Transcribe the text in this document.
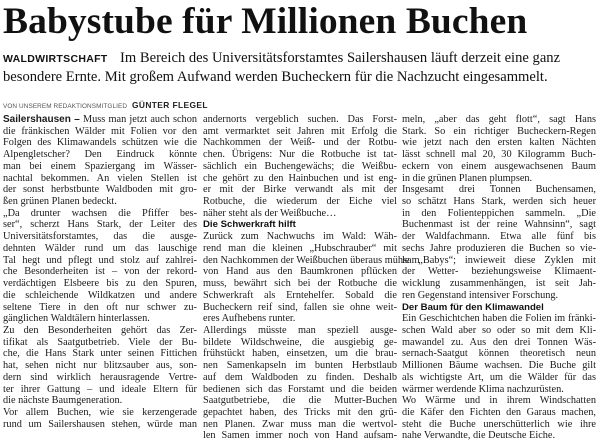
Babystube für Millionen Buchen
WALDWIRTSCHAFT Im Bereich des Universitätsforstamtes Sailershausen läuft derzeit eine ganz
besondere Ernte. Mit großem Aufwand werden Bucheckern für die Nachzucht eingesammelt.
VON UNSEREM REDAKTIONSMITGLIED GÜNTER FLEGEL
Sailershausen – Muss man jetzt auch schon
die fränkischen Wälder mit Folien vor den
Folgen des Klimawandels schützen wie die
Alpengletscher? Den Eindruck könnte
man bei einem Spaziergang im Wässer-
nachtal bekommen. An vielen Stellen ist
der sonst herbstbunte Waldboden mit gro-
ßen grünen Planen bedeckt.
„Da drunter wachsen die Pfiffer bes-
ser“, scherzt Hans Stark, der Leiter des
Universitätsforstamtes, das die ausge-
dehnten Wälder rund um das lauschige
Tal hegt und pflegt und stolz auf zahlrei-
che Besonderheiten ist – von der rekord-
verdächtigen Elsbeere bis zu den Spuren,
die schleichende Wildkatzen und andere
seltene Tiere in den oft nur schwer zu-
gänglichen Waldtälern hinterlassen.
Zu den Besonderheiten gehört das Zer-
tifikat als Saatgutbetrieb. Viele der Bu-
che, die Hans Stark unter seinen Fittichen
hat, sehen nicht nur blitzsauber aus, son-
dern sind wirklich herausragende Vertre-
ter ihrer Gattung – und ideale Eltern für
die nächste Baumgeneration.
Vor allem Buchen, wie sie kerzengerade
rund um Sailershausen stehen, würde man
andernorts vergeblich suchen. Das Forst-
amt vermarktet seit Jahren mit Erfolg die
Nachkommen der Weiß- und der Rotbu-
chen. Übrigens: Nur die Rotbuche ist tat-
sächlich ein Buchengewächs; die Weißbu-
che gehört zu den Hainbuchen und ist eng-
er mit der Birke verwandt als mit der
Rotbuche, die wiederum der Eiche viel
näher steht als der Weißbuche…
Die Schwerkraft hilft
Zurück zum Nachwuchs im Wald: Wäh-
rend man die kleinen „Hubschrauber“ mit
den Nachkommen der Weißbuchen überaus mühsam
von Hand aus den Baumkronen pflücken
muss, bewährt sich bei der Rotbuche die
Schwerkraft als Erntehelfer. Sobald die
Bucheckern reif sind, fallen sie ohne weit-
eres Aufhebens runter.
Allerdings müsste man speziell ausge-
bildete Wildschweine, die ausgiebig ge-
frühstückt haben, einsetzen, um die brau-
nen Samenkapseln im bunten Herbstlaub
auf dem Waldboden zu finden. Deshalb
bedienen sich das Forstamt und die beiden
Saatgutbetriebe, die die Mutter-Buchen
gepachtet haben, des Tricks mit den grü-
nen Planen. Zwar muss man die wertvol-
len Samen immer noch von Hand aufsam-
meln, „aber das geht flott“, sagt Hans
Stark. So ein richtiger Bucheckern-Regen
wie jetzt nach den ersten kalten Nächten
lässt schnell mal 20, 30 Kilogramm Buch-
eckern von einem ausgewachsenen Baum
in die grünen Planen plumpsen.
Insgesamt drei Tonnen Buchensamen,
so schätzt Hans Stark, werden sich heuer
in den Folienteppichen sammeln. „Die
Buchenmast ist der reine Wahnsinn“, sagt
der Waldfachmann. Etwa alle fünf bis
sechs Jahre produzieren die Buchen so vie-
le „Babys“; inwieweit diese Zyklen mit
der Wetter- beziehungsweise Klimaent-
wicklung zusammenhängen, ist seit Jah-
ren Gegenstand intensiver Forschung.
Der Baum für den Klimawandel
Ein Geschichtchen haben die Folien im fränki-
schen Wald aber so oder so mit dem Kli-
mawandel zu. Aus den drei Tonnen Wäs-
sernach-Saatgut können theoretisch neun
Millionen Bäume wachsen. Die Buche gilt
als wichtigste Art, um die Wälder für das
wärmer werdende Klima nachzurüsten.
Wo Wärme und in ihrem Windschatten
die Käfer den Fichten den Garaus machen,
steht die Buche unerschütterlich wie ihre
nahe Verwandte, die Deutsche Eiche.
